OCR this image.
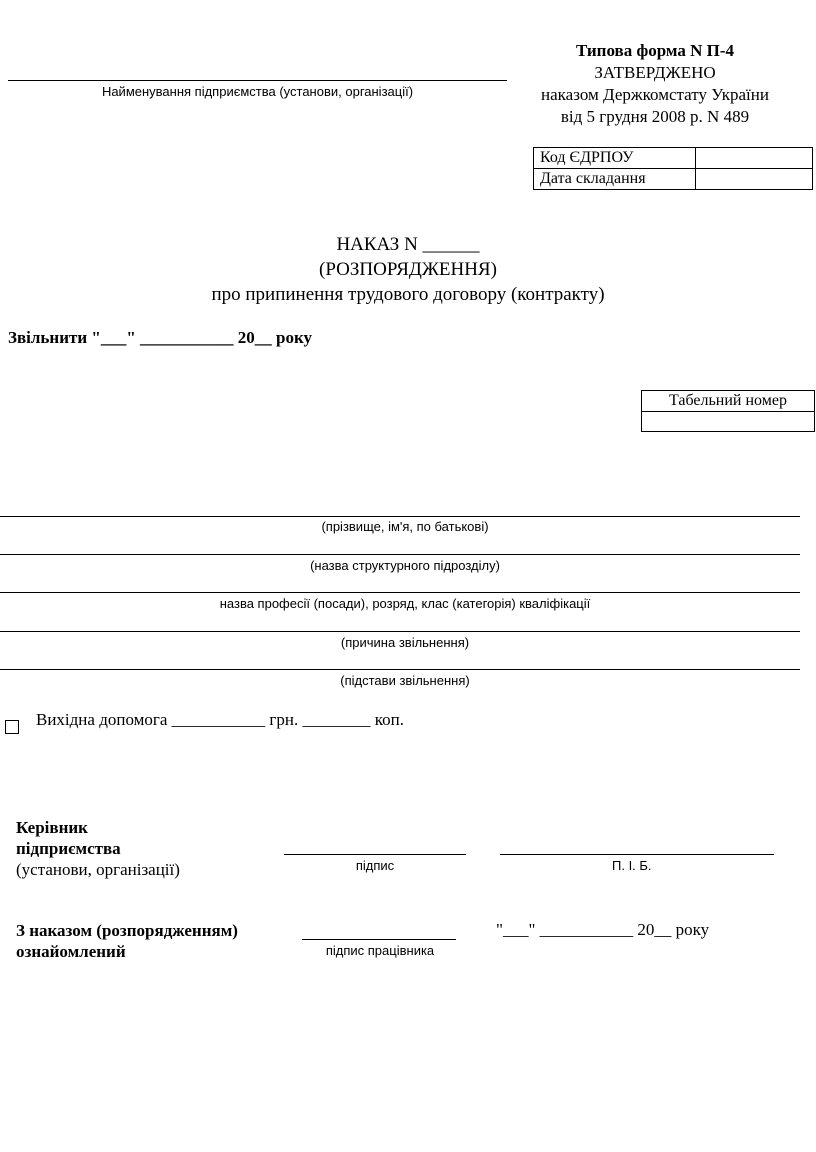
Найменування підприємства (установи, організації)
Типова форма N П-4
ЗАТВЕРДЖЕНО
наказом Держкомстату України
від 5 грудня 2008 р. N 489
Код ЄДРПОУ	
Дата складання	
НАКАЗ N ______
(РОЗПОРЯДЖЕННЯ)
про припинення трудового договору (контракту)
Звільнити "___" ___________ 20__ року
Табельний номер

(прізвище, ім'я, по батькові)
(назва структурного підрозділу)
назва професії (посади), розряд, клас (категорія) кваліфікації
(причина звільнення)
(підстави звільнення)
Вихідна допомога ___________ грн. ________ коп.
Керівник
підприємства
(установи, організації)	підпис	П. І. Б.
З наказом (розпорядженням)
ознайомлений	підпис працівника
"___" ___________ 20__ року
